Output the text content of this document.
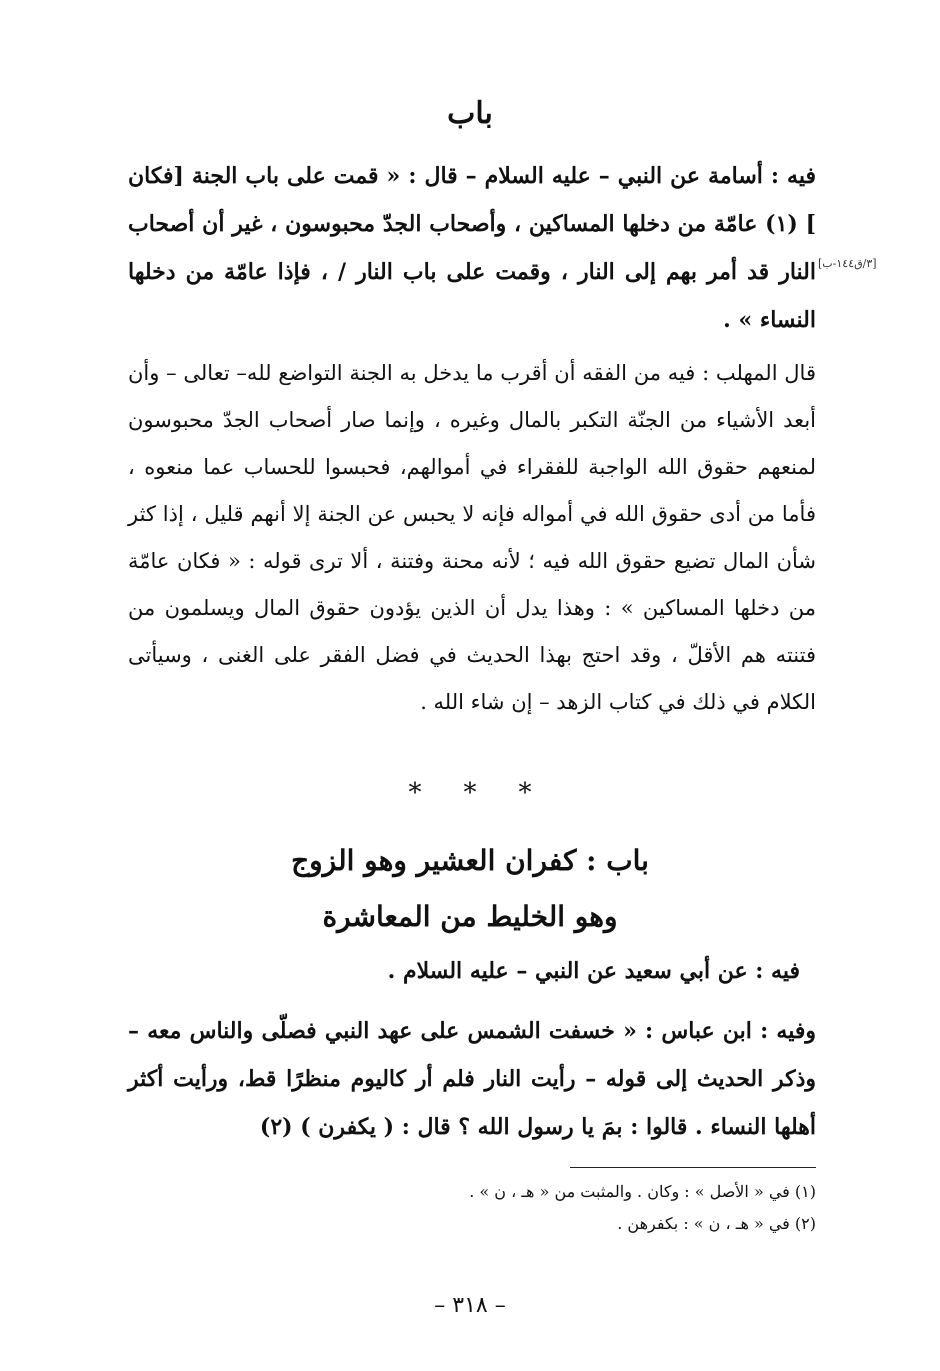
باب
فيه : أسامة عن النبي – عليه السلام – قال : « قمت على باب الجنة [فكان ] (١) عامّة من دخلها المساكين ، وأصحاب الجدّ محبوسون ، غير أن أصحاب النار قد أمر بهم إلى النار ، وقمت على باب النار / ، فإذا عامّة من دخلها النساء » .
[٣/ق١٤٤-ب]
قال المهلب : فيه من الفقه أن أقرب ما يدخل به الجنة التواضع لله– تعالى – وأن أبعد الأشياء من الجنّة التكبر بالمال وغيره ، وإنما صار أصحاب الجدّ محبوسون لمنعهم حقوق الله الواجبة للفقراء في أموالهم، فحبسوا للحساب عما منعوه ، فأما من أدى حقوق الله في أمواله فإنه لا يحبس عن الجنة إلا أنهم قليل ، إذا كثر شأن المال تضيع حقوق الله فيه ؛ لأنه محنة وفتنة ، ألا ترى قوله : « فكان عامّة من دخلها المساكين » : وهذا يدل أن الذين يؤدون حقوق المال ويسلمون من فتنته هم الأقلّ ، وقد احتج بهذا الحديث في فضل الفقر على الغنى ، وسيأتى الكلام في ذلك في كتاب الزهد – إن شاء الله .
***
باب : كفران العشير وهو الزوج
وهو الخليط من المعاشرة
فيه : عن أبي سعيد عن النبي – عليه السلام .
وفيه : ابن عباس : « خسفت الشمس على عهد النبي فصلّى والناس معه – وذكر الحديث إلى قوله – رأيت النار فلم أر كاليوم منظرًا قط، ورأيت أكثر أهلها النساء . قالوا : بمَ يا رسول الله ؟ قال : ( يكفرن ) (٢)
(١) في « الأصل » : وكان . والمثبت من « هـ ، ن » .
(٢) في « هـ ، ن » : بكفرهن .
– ٣١٨ –
